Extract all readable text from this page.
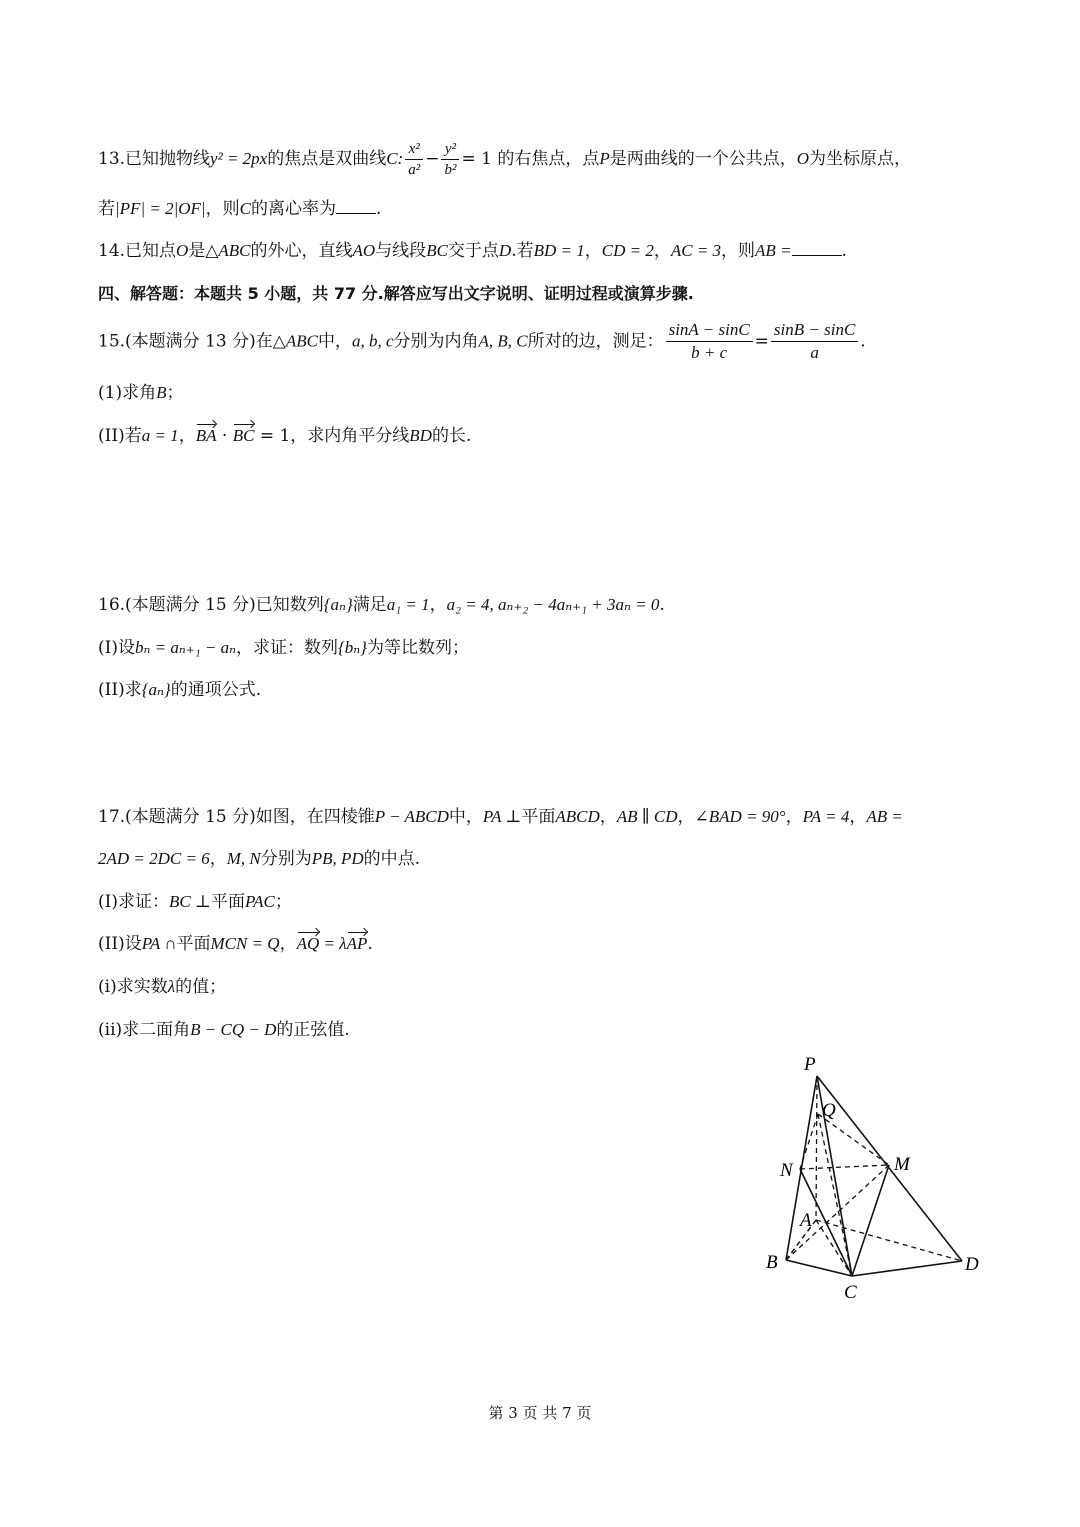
13.已知抛物线y² = 2px的焦点是双曲线C: $\frac{\text{x²}}{\text{a²}} - \frac{\text{y²}}{\text{b²}} = 1$ 的右焦点，点P是两曲线的一个公共点，O为坐标原点，
若|PF| = 2|OF|，则C的离心率为 .
14.已知点O是△ABC的外心，直线AO与线段BC交于点D.若BD = 1，CD = 2，AC = 3，则AB =	.
四、解答题：本题共 5 小题，共 77 分.解答应写出文字说明、证明过程或演算步骤.
15.(本题满分 13 分)在△ABC中，a, b, c分别为内角A, B, C所对的边，测足： $\frac{\sin A - \sin C}{b + c} = \frac{\sin B - \sin C}{a}$ .
(1)求角B；
(II)若a = 1，BA · BC = 1，求内角平分线BD的长.
16.(本题满分 15 分)已知数列{aₙ}满足a₁ = 1，a₂ = 4, aₙ₊₂ − 4aₙ₊₁ + 3aₙ = 0.
(I)设bₙ = aₙ₊₁ − aₙ，求证：数列{bₙ}为等比数列；
(II)求{aₙ}的通项公式.
17.(本题满分 15 分)如图，在四棱锥P − ABCD中，PA ⊥平面ABCD，AB ∥ CD，∠BAD = 90°，PA = 4，AB =
2AD = 2DC = 6，M, N分别为PB, PD的中点.
(I)求证：BC ⊥平面PAC；
(II)设PA ∩平面MCN = Q，AQ = λAP.
(i)求实数λ的值；
(ii)求二面角B − CQ − D的正弦值.
P
Q
N	M
A
B
C
D
第 3 页 共 7 页
